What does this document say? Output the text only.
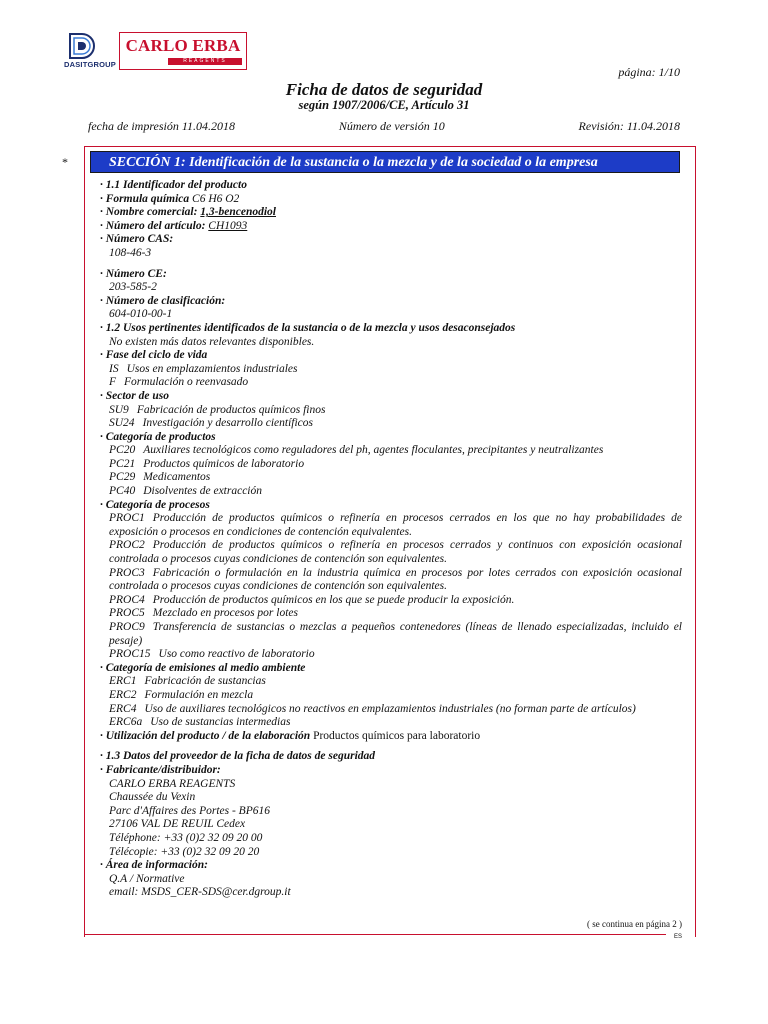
DASITGROUP
CARLO ERBA
REAGENTS
página: 1/10
Ficha de datos de seguridad
según 1907/2006/CE, Artículo 31
fecha de impresión 11.04.2018	Número de versión 10	Revisión: 11.04.2018
*	SECCIÓN 1: Identificación de la sustancia o la mezcla y de la sociedad o la empresa
· 1.1 Identificador del producto
· Formula química C6 H6 O2
· Nombre comercial: 1,3-bencenodiol
· Número del artículo: CH1093
· Número CAS:
108-46-3
· Número CE:
203-585-2
· Número de clasificación:
604-010-00-1
· 1.2 Usos pertinentes identificados de la sustancia o de la mezcla y usos desaconsejados
No existen más datos relevantes disponibles.
· Fase del ciclo de vida
IS Usos en emplazamientos industriales
F Formulación o reenvasado
· Sector de uso
SU9 Fabricación de productos químicos finos
SU24 Investigación y desarrollo científicos
· Categoría de productos
PC20 Auxiliares tecnológicos como reguladores del ph, agentes floculantes, precipitantes y neutralizantes
PC21 Productos químicos de laboratorio
PC29 Medicamentos
PC40 Disolventes de extracción
· Categoría de procesos
PROC1 Producción de productos químicos o refinería en procesos cerrados en los que no hay probabilidades de exposición o procesos en condiciones de contención equivalentes.
PROC2 Producción de productos químicos o refinería en procesos cerrados y continuos con exposición ocasional controlada o procesos cuyas condiciones de contención son equivalentes.
PROC3 Fabricación o formulación en la industria química en procesos por lotes cerrados con exposición ocasional controlada o procesos cuyas condiciones de contención son equivalentes.
PROC4 Producción de productos químicos en los que se puede producir la exposición.
PROC5 Mezclado en procesos por lotes
PROC9 Transferencia de sustancias o mezclas a pequeños contenedores (líneas de llenado especializadas, incluido el pesaje)
PROC15 Uso como reactivo de laboratorio
· Categoría de emisiones al medio ambiente
ERC1 Fabricación de sustancias
ERC2 Formulación en mezcla
ERC4 Uso de auxiliares tecnológicos no reactivos en emplazamientos industriales (no forman parte de artículos)
ERC6a Uso de sustancias intermedias
· Utilización del producto / de la elaboración Productos químicos para laboratorio
· 1.3 Datos del proveedor de la ficha de datos de seguridad
· Fabricante/distribuidor:
CARLO ERBA REAGENTS
Chaussée du Vexin
Parc d'Affaires des Portes - BP616
27106 VAL DE REUIL Cedex
Téléphone: +33 (0)2 32 09 20 00
Télécopie: +33 (0)2 32 09 20 20
· Área de información:
Q.A / Normative
email: MSDS_CER-SDS@cer.dgroup.it
( se continua en página 2 )
ES
